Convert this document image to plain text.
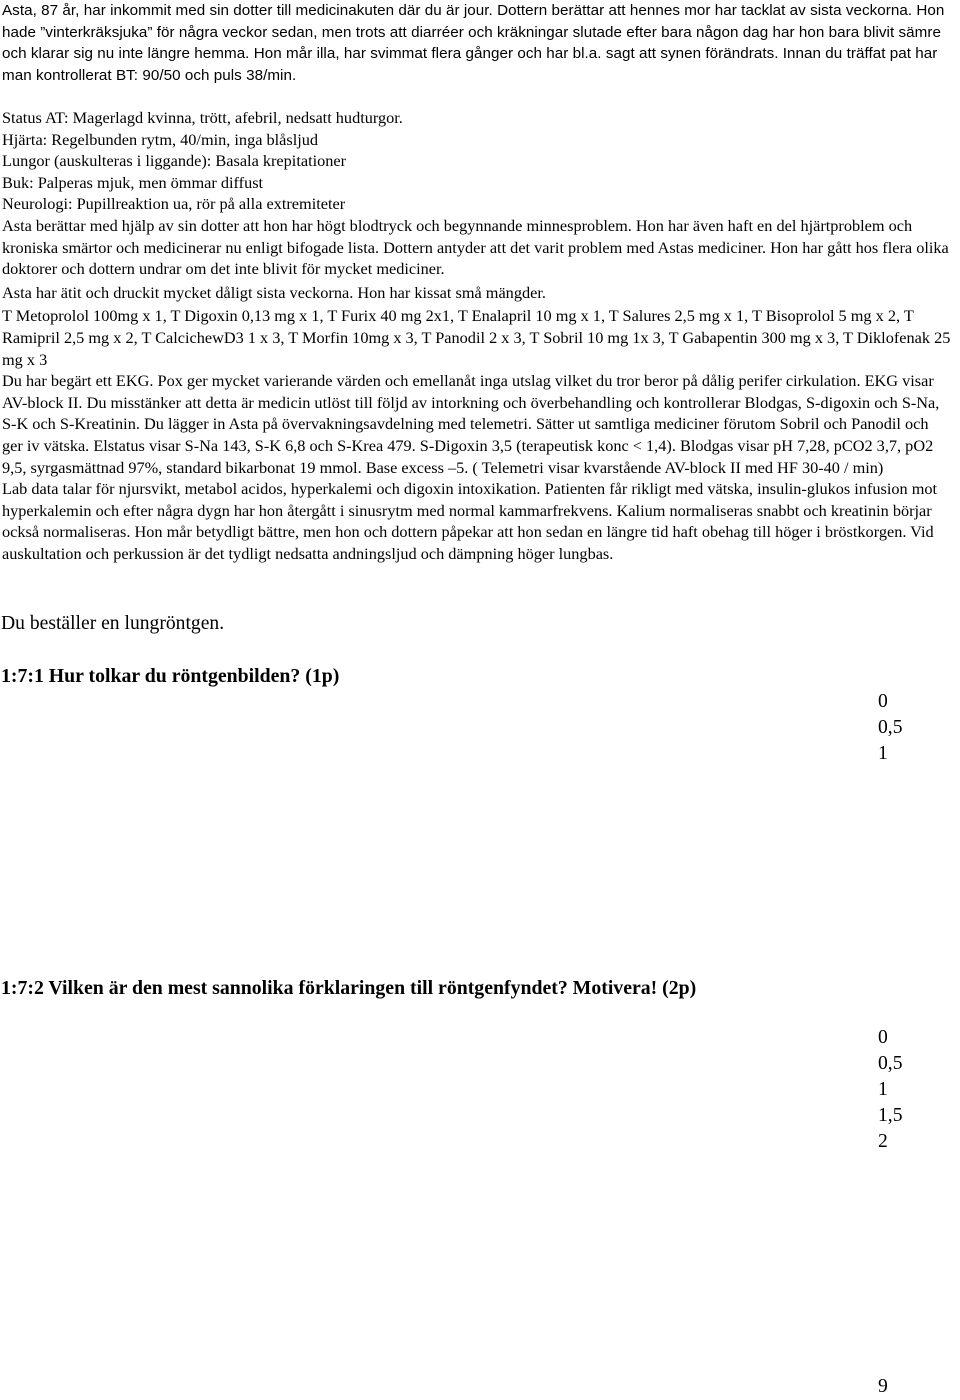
Asta, 87 år, har inkommit med sin dotter till medicinakuten där du är jour. Dottern berättar att hennes mor har tacklat av sista veckorna. Hon hade ”vinterkräksjuka” för några veckor sedan, men trots att diarréer och kräkningar slutade efter bara någon dag har hon bara blivit sämre och klarar sig nu inte längre hemma. Hon mår illa, har svimmat flera gånger och har bl.a. sagt att synen förändrats. Innan du träffat pat har man kontrollerat BT: 90/50 och puls 38/min.

Status AT: Magerlagd kvinna, trött, afebril, nedsatt hudturgor.

Hjärta: Regelbunden rytm, 40/min, inga blåsljud

Lungor (auskulteras i liggande): Basala krepitationer

Buk: Palperas mjuk, men ömmar diffust

Neurologi: Pupillreaktion ua, rör på alla extremiteter

Asta berättar med hjälp av sin dotter att hon har högt blodtryck och begynnande minnesproblem. Hon har även haft en del hjärtproblem och kroniska smärtor och medicinerar nu enligt bifogade lista. Dottern antyder att det varit problem med Astas mediciner. Hon har gått hos flera olika doktorer och dottern undrar om det inte blivit för mycket mediciner.

Asta har ätit och druckit mycket dåligt sista veckorna. Hon har kissat små mängder.

T Metoprolol 100mg x 1, T Digoxin 0,13 mg x 1, T Furix 40 mg 2x1, T Enalapril 10 mg x 1, T Salures 2,5 mg x 1, T Bisoprolol 5 mg x 2, T Ramipril 2,5 mg x 2, T CalcichewD3 1 x 3, T Morfin 10mg x 3, T Panodil 2 x 3, T Sobril 10 mg 1x 3, T Gabapentin 300 mg x 3, T Diklofenak 25 mg x 3

Du har begärt ett EKG. Pox ger mycket varierande värden och emellanåt inga utslag vilket du tror beror på dålig perifer cirkulation. EKG visar AV-block II. Du misstänker att detta är medicin utlöst till följd av intorkning och överbehandling och kontrollerar Blodgas, S-digoxin och S-Na, S-K och S-Kreatinin. Du lägger in Asta på övervakningsavdelning med telemetri. Sätter ut samtliga mediciner förutom Sobril och Panodil och ger iv vätska. Elstatus visar S-Na 143, S-K 6,8 och S-Krea 479. S-Digoxin 3,5 (terapeutisk konc < 1,4). Blodgas visar pH 7,28, pCO2 3,7, pO2 9,5, syrgasmättnad 97%, standard bikarbonat 19 mmol. Base excess –5. ( Telemetri visar kvarstående AV-block II med HF 30-40 / min)

Lab data talar för njursvikt, metabol acidos, hyperkalemi och digoxin intoxikation. Patienten får rikligt med vätska, insulin-glukos infusion mot hyperkalemin och efter några dygn har hon återgått i sinusrytm med normal kammarfrekvens. Kalium normaliseras snabbt och kreatinin börjar också normaliseras. Hon mår betydligt bättre, men hon och dottern påpekar att hon sedan en längre tid haft obehag till höger i bröstkorgen. Vid auskultation och perkussion är det tydligt nedsatta andningsljud och dämpning höger lungbas.

Du beställer en lungröntgen.
1:7:1 Hur tolkar du röntgenbilden? (1p)
0
0,5
1
1:7:2 Vilken är den mest sannolika förklaringen till röntgenfyndet? Motivera! (2p)
0
0,5
1
1,5
2
9
